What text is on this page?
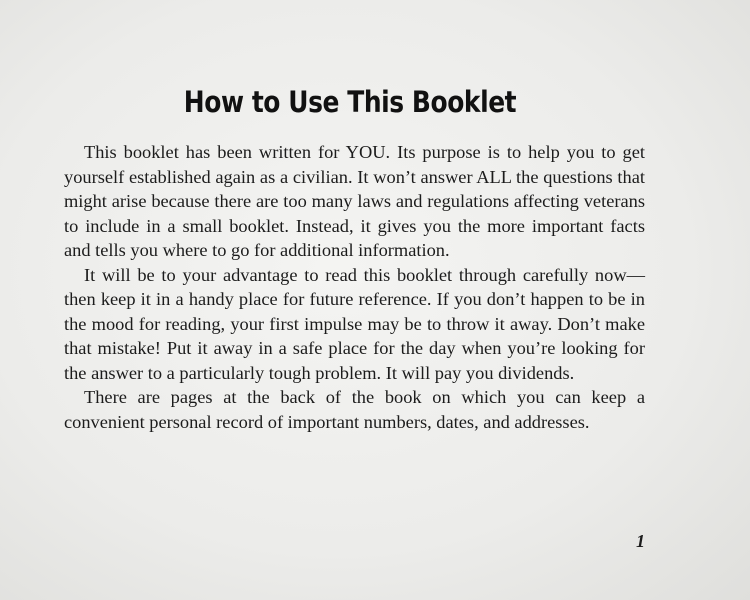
How to Use This Booklet

This booklet has been written for YOU. Its purpose is to help you to get yourself established again as a civilian. It won’t answer ALL the questions that might arise because there are too many laws and regulations affecting veterans to include in a small booklet. Instead, it gives you the more important facts and tells you where to go for additional information.

It will be to your advantage to read this booklet through carefully now—then keep it in a handy place for future reference. If you don’t happen to be in the mood for reading, your first impulse may be to throw it away. Don’t make that mistake! Put it away in a safe place for the day when you’re looking for the answer to a particularly tough problem. It will pay you dividends.

There are pages at the back of the book on which you can keep a convenient personal record of important numbers, dates, and addresses.

1
